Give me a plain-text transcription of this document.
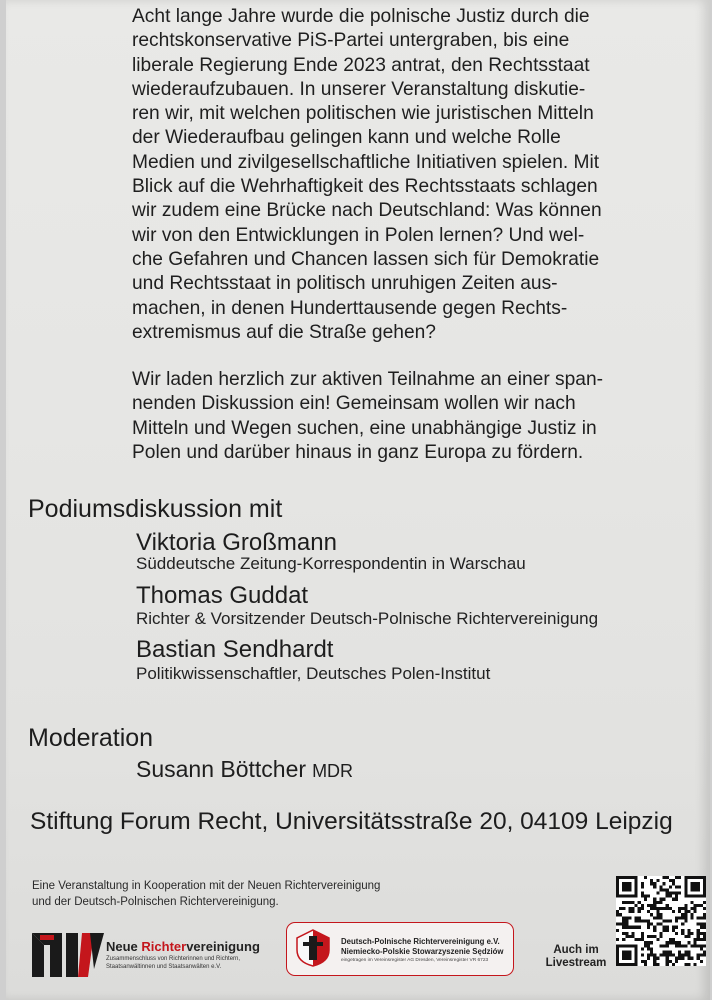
Acht lange Jahre wurde die polnische Justiz durch die
rechtskonservative PiS-Partei untergraben, bis eine
liberale Regierung Ende 2023 antrat, den Rechtsstaat
wiederaufzubauen. In unserer Veranstaltung diskutie-
ren wir, mit welchen politischen wie juristischen Mitteln
der Wiederaufbau gelingen kann und welche Rolle
Medien und zivilgesellschaftliche Initiativen spielen. Mit
Blick auf die Wehrhaftigkeit des Rechtsstaats schlagen
wir zudem eine Brücke nach Deutschland: Was können
wir von den Entwicklungen in Polen lernen? Und wel-
che Gefahren und Chancen lassen sich für Demokratie
und Rechtsstaat in politisch unruhigen Zeiten aus-
machen, in denen Hunderttausende gegen Rechts-
extremismus auf die Straße gehen?

Wir laden herzlich zur aktiven Teilnahme an einer span-
nenden Diskussion ein! Gemeinsam wollen wir nach
Mitteln und Wegen suchen, eine unabhängige Justiz in
Polen und darüber hinaus in ganz Europa zu fördern.

Podiumsdiskussion mit
Viktoria Großmann
Süddeutsche Zeitung-Korrespondentin in Warschau
Thomas Guddat
Richter & Vorsitzender Deutsch-Polnische Richtervereinigung
Bastian Sendhardt
Politikwissenschaftler, Deutsches Polen-Institut
Moderation
Susann Böttcher MDR
Stiftung Forum Recht, Universitätsstraße 20, 04109 Leipzig
Eine Veranstaltung in Kooperation mit der Neuen Richtervereinigung
und der Deutsch-Polnischen Richtervereinigung.
Neue Richtervereinigung
Zusammenschluss von Richterinnen und Richtern,
Staatsanwältinnen und Staatsanwälten e.V.
Deutsch-Polnische Richtervereinigung e.V.
Niemiecko-Polskie Stowarzyszenie Sędziów
eingetragen im Vereinsregister AG Dresden, Vereinsregister VR 6723
Auch im
Livestream
